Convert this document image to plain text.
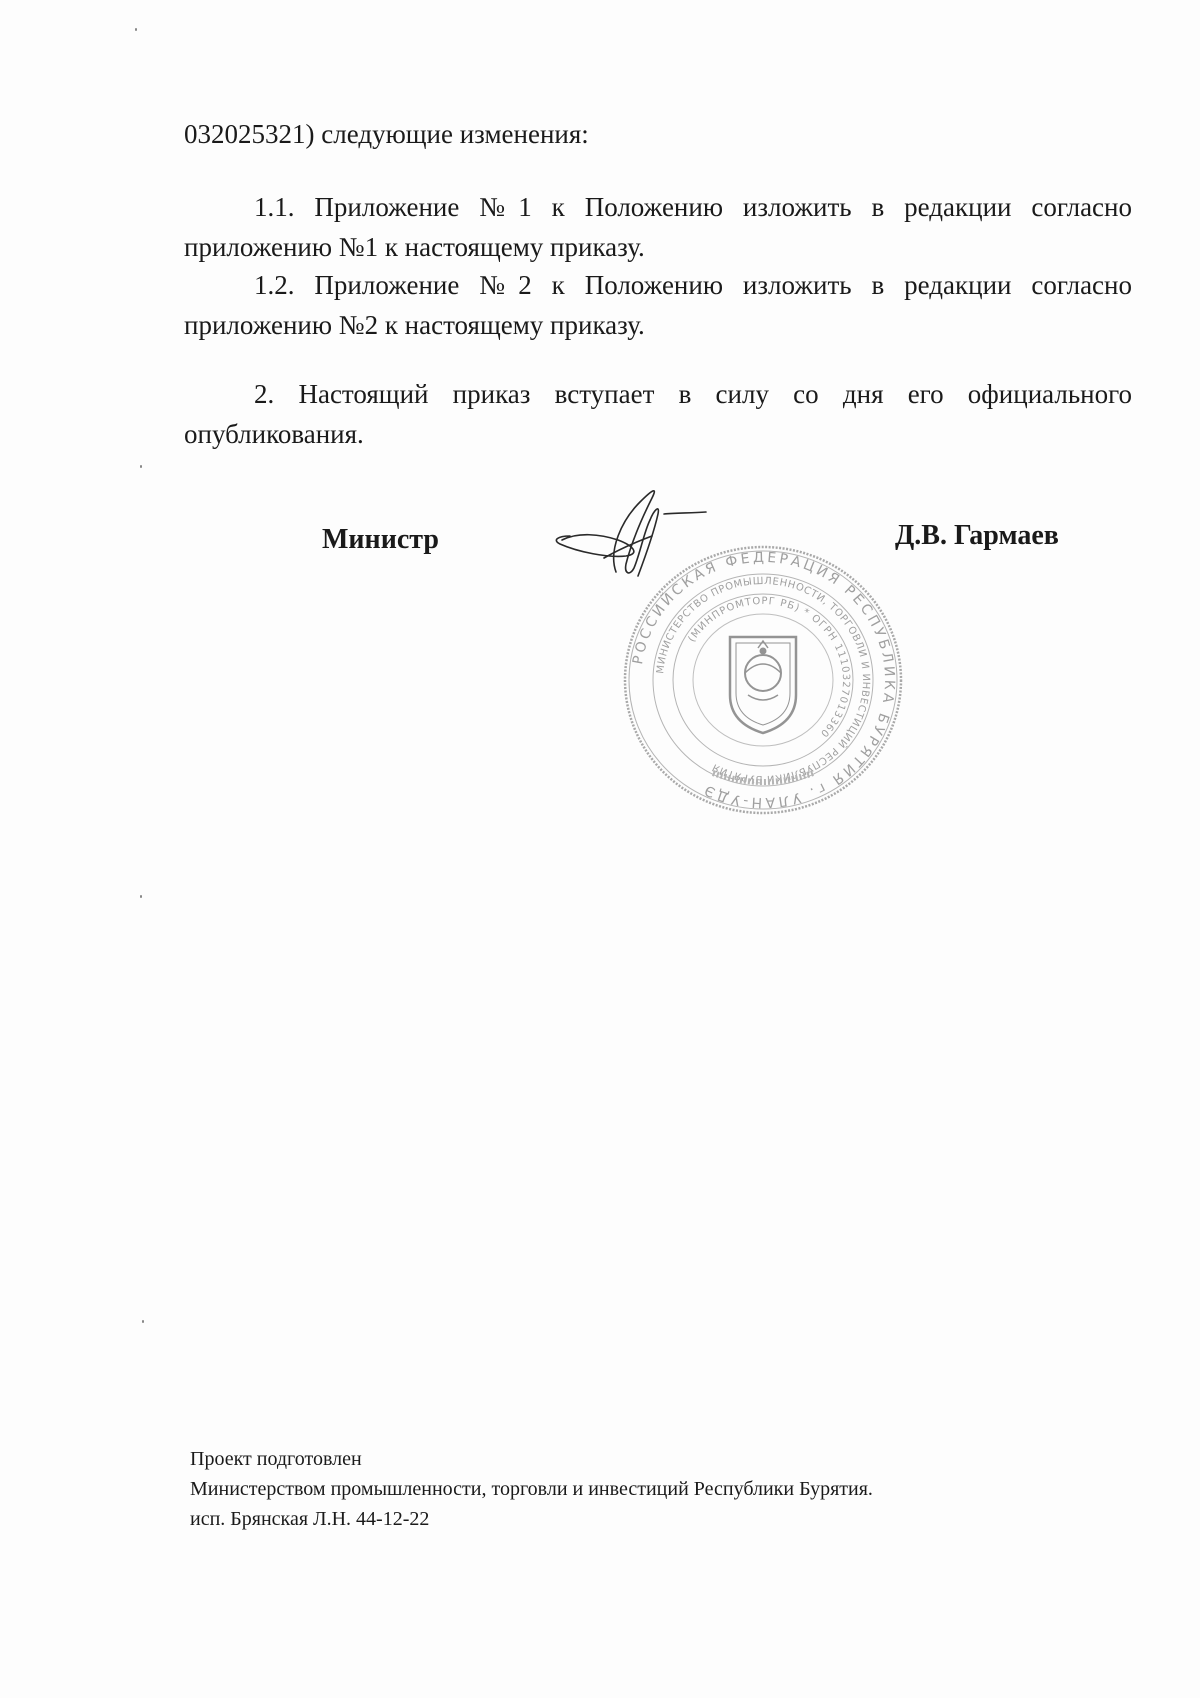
032025321) следующие изменения:

1.1. Приложение №1 к Положению изложить в редакции согласно приложению №1 к настоящему приказу.

1.2. Приложение №2 к Положению изложить в редакции согласно приложению №2 к настоящему приказу.

2. Настоящий приказ вступает в силу со дня его официального опубликования.

Министр	Д.В. Гармаев

РОССИЙСКАЯ ФЕДЕРАЦИЯ РЕСПУБЛИКА БУРЯТИЯ г. УЛАН-УДЭ
МИНИСТЕРСТВО ПРОМЫШЛЕННОСТИ, ТОРГОВЛИ И ИНВЕСТИЦИЙ РЕСПУБЛИКИ БУРЯТИЯ
(МИНПРОМТОРГ РБ) * ОГРН 1110327013360
Проект подготовлен
Министерством промышленности, торговли и инвестиций Республики Бурятия.
исп. Брянская Л.Н. 44-12-22
